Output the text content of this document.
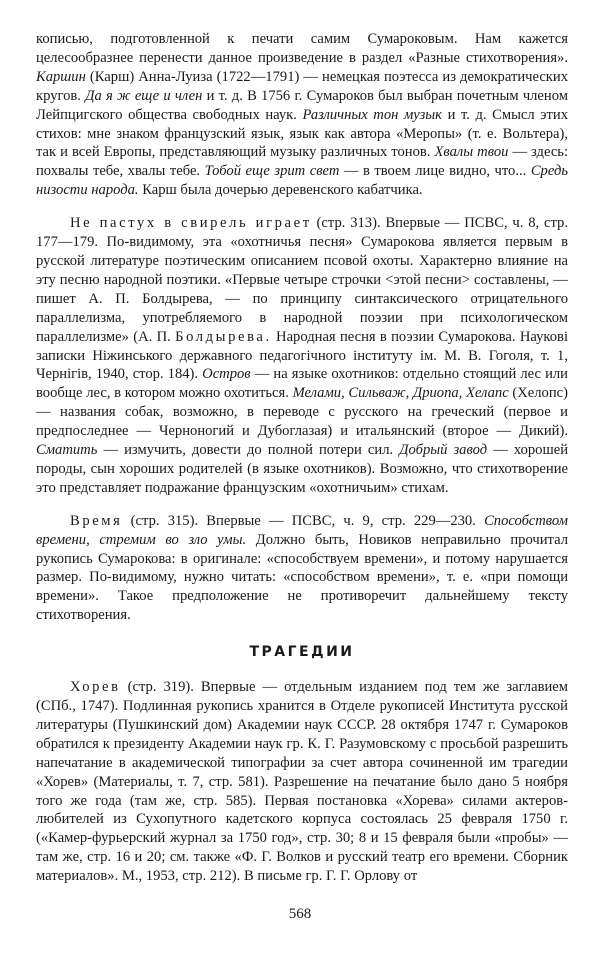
кописью, подготовленной к печати самим Сумароковым. Нам кажется целесообразнее перенести данное произведение в раздел «Разные стихотворения». Каршин (Карш) Анна-Луиза (1722—1791) — немецкая поэтесса из демократических кругов. Да я ж еще и член и т. д. В 1756 г. Сумароков был выбран почетным членом Лейпцигского общества свободных наук. Различных тон музык и т. д. Смысл этих стихов: мне знаком французский язык, язык как автора «Меропы» (т. е. Вольтера), так и всей Европы, представляющий музыку различных тонов. Хвалы твои — здесь: похвалы тебе, хвалы тебе. Тобой еще зрит свет — в твоем лице видно, что... Средь низости народа. Карш была дочерью деревенского кабатчика.

Не пастух в свирель играет (стр. 313). Впервые — ПСВС, ч. 8, стр. 177—179. По-видимому, эта «охотничья песня» Сумарокова является первым в русской литературе поэтическим описанием псовой охоты. Характерно влияние на эту песню народной поэтики. «Первые четыре строчки <этой песни> составлены, — пишет А. П. Болдырева, — по принципу синтаксического отрицательного параллелизма, употребляемого в народной поэзии при психологическом параллелизме» (А. П. Болдырева. Народная песня в поэзии Сумарокова. Наукові записки Ніжинського державного педагогічного інституту ім. М. В. Гоголя, т. 1, Чернігів, 1940, стор. 184). Остров — на языке охотников: отдельно стоящий лес или вообще лес, в котором можно охотиться. Мелами, Сильваж, Дриопа, Хелапс (Хелопс) — названия собак, возможно, в переводе с русского на греческий (первое и предпоследнее — Черноногий и Дубоглазая) и итальянский (второе — Дикий). Сматить — измучить, довести до полной потери сил. Добрый завод — хорошей породы, сын хороших родителей (в языке охотников). Возможно, что стихотворение это представляет подражание французским «охотничьим» стихам.

Время (стр. 315). Впервые — ПСВС, ч. 9, стр. 229—230. Способством времени, стремим во зло умы. Должно быть, Новиков неправильно прочитал рукопись Сумарокова: в оригинале: «способствуем времени», и потому нарушается размер. По-видимому, нужно читать: «способством времени», т. е. «при помощи времени». Такое предположение не противоречит дальнейшему тексту стихотворения.

ТРАГЕДИИ

Хорев (стр. 319). Впервые — отдельным изданием под тем же заглавием (СПб., 1747). Подлинная рукопись хранится в Отделе рукописей Института русской литературы (Пушкинский дом) Академии наук СССР. 28 октября 1747 г. Сумароков обратился к президенту Академии наук гр. К. Г. Разумовскому с просьбой разрешить напечатание в академической типографии за счет автора сочиненной им трагедии «Хорев» (Материалы, т. 7, стр. 581). Разрешение на печатание было дано 5 ноября того же года (там же, стр. 585). Первая постановка «Хорева» силами актеров-любителей из Сухопутного кадетского корпуса состоялась 25 февраля 1750 г. («Камер-фурьерский журнал за 1750 год», стр. 30; 8 и 15 февраля были «пробы» — там же, стр. 16 и 20; см. также «Ф. Г. Волков и русский театр его времени. Сборник материалов». М., 1953, стр. 212). В письме гр. Г. Г. Орлову от

568
